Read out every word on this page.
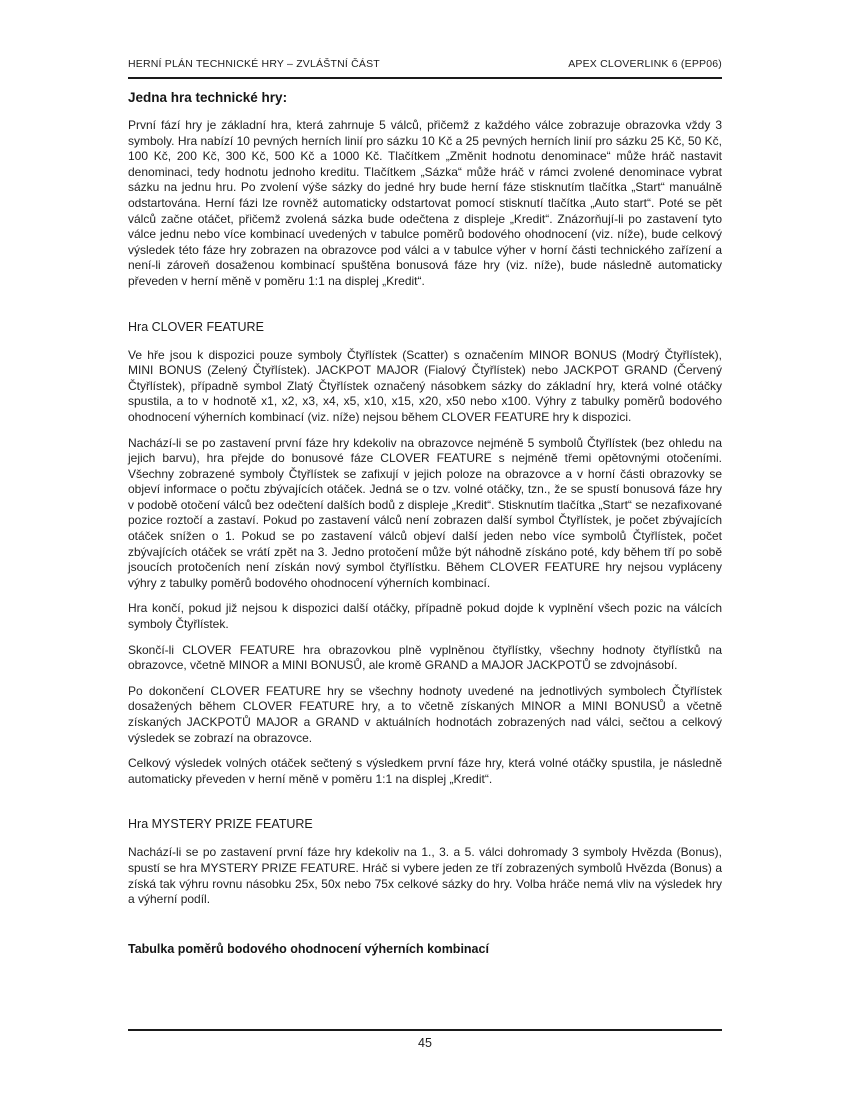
HERNÍ PLÁN TECHNICKÉ HRY – ZVLÁŠTNÍ ČÁST	APEX CLOVERLINK 6 (EPP06)
Jedna hra technické hry:

První fází hry je základní hra, která zahrnuje 5 válců, přičemž z každého válce zobrazuje obrazovka vždy 3 symboly. Hra nabízí 10 pevných herních linií pro sázku 10 Kč a 25 pevných herních linií pro sázku 25 Kč, 50 Kč, 100 Kč, 200 Kč, 300 Kč, 500 Kč a 1000 Kč. Tlačítkem „Změnit hodnotu denominace“ může hráč nastavit denominaci, tedy hodnotu jednoho kreditu. Tlačítkem „Sázka“ může hráč v rámci zvolené denominace vybrat sázku na jednu hru. Po zvolení výše sázky do jedné hry bude herní fáze stisknutím tlačítka „Start“ manuálně odstartována. Herní fázi lze rovněž automaticky odstartovat pomocí stisknutí tlačítka „Auto start“. Poté se pět válců začne otáčet, přičemž zvolená sázka bude odečtena z displeje „Kredit“. Znázorňují-li po zastavení tyto válce jednu nebo více kombinací uvedených v tabulce poměrů bodového ohodnocení (viz. níže), bude celkový výsledek této fáze hry zobrazen na obrazovce pod válci a v tabulce výher v horní části technického zařízení a není-li zároveň dosaženou kombinací spuštěna bonusová fáze hry (viz. níže), bude následně automaticky převeden v herní měně v poměru 1:1 na displej „Kredit“.

Hra CLOVER FEATURE

Ve hře jsou k dispozici pouze symboly Čtyřlístek (Scatter) s označením MINOR BONUS (Modrý Čtyřlístek), MINI BONUS (Zelený Čtyřlístek). JACKPOT MAJOR (Fialový Čtyřlístek) nebo JACKPOT GRAND (Červený Čtyřlístek), případně symbol Zlatý Čtyřlístek označený násobkem sázky do základní hry, která volné otáčky spustila, a to v hodnotě x1, x2, x3, x4, x5, x10, x15, x20, x50 nebo x100. Výhry z tabulky poměrů bodového ohodnocení výherních kombinací (viz. níže) nejsou během CLOVER FEATURE hry k dispozici.

Nachází-li se po zastavení první fáze hry kdekoliv na obrazovce nejméně 5 symbolů Čtyřlístek (bez ohledu na jejich barvu), hra přejde do bonusové fáze CLOVER FEATURE s nejméně třemi opětovnými otočeními. Všechny zobrazené symboly Čtyřlístek se zafixují v jejich poloze na obrazovce a v horní části obrazovky se objeví informace o počtu zbývajících otáček. Jedná se o tzv. volné otáčky, tzn., že se spustí bonusová fáze hry v podobě otočení válců bez odečtení dalších bodů z displeje „Kredit“. Stisknutím tlačítka „Start“ se nezafixované pozice roztočí a zastaví. Pokud po zastavení válců není zobrazen další symbol Čtyřlístek, je počet zbývajících otáček snížen o 1. Pokud se po zastavení válců objeví další jeden nebo více symbolů Čtyřlístek, počet zbývajících otáček se vrátí zpět na 3. Jedno protočení může být náhodně získáno poté, kdy během tří po sobě jsoucích protočeních není získán nový symbol čtyřlístku. Během CLOVER FEATURE hry nejsou vypláceny výhry z tabulky poměrů bodového ohodnocení výherních kombinací.

Hra končí, pokud již nejsou k dispozici další otáčky, případně pokud dojde k vyplnění všech pozic na válcích symboly Čtyřlístek.

Skončí-li CLOVER FEATURE hra obrazovkou plně vyplněnou čtyřlístky, všechny hodnoty čtyřlístků na obrazovce, včetně MINOR a MINI BONUSŮ, ale kromě GRAND a MAJOR JACKPOTŮ se zdvojnásobí.

Po dokončení CLOVER FEATURE hry se všechny hodnoty uvedené na jednotlivých symbolech Čtyřlístek dosažených během CLOVER FEATURE hry, a to včetně získaných MINOR a MINI BONUSŮ a včetně získaných JACKPOTŮ MAJOR a GRAND v aktuálních hodnotách zobrazených nad válci, sečtou a celkový výsledek se zobrazí na obrazovce.

Celkový výsledek volných otáček sečtený s výsledkem první fáze hry, která volné otáčky spustila, je následně automaticky převeden v herní měně v poměru 1:1 na displej „Kredit“.

Hra MYSTERY PRIZE FEATURE

Nachází-li se po zastavení první fáze hry kdekoliv na 1., 3. a 5. válci dohromady 3 symboly Hvězda (Bonus), spustí se hra MYSTERY PRIZE FEATURE. Hráč si vybere jeden ze tří zobrazených symbolů Hvězda (Bonus) a získá tak výhru rovnu násobku 25x, 50x nebo 75x celkové sázky do hry. Volba hráče nemá vliv na výsledek hry a výherní podíl.

Tabulka poměrů bodového ohodnocení výherních kombinací
45
